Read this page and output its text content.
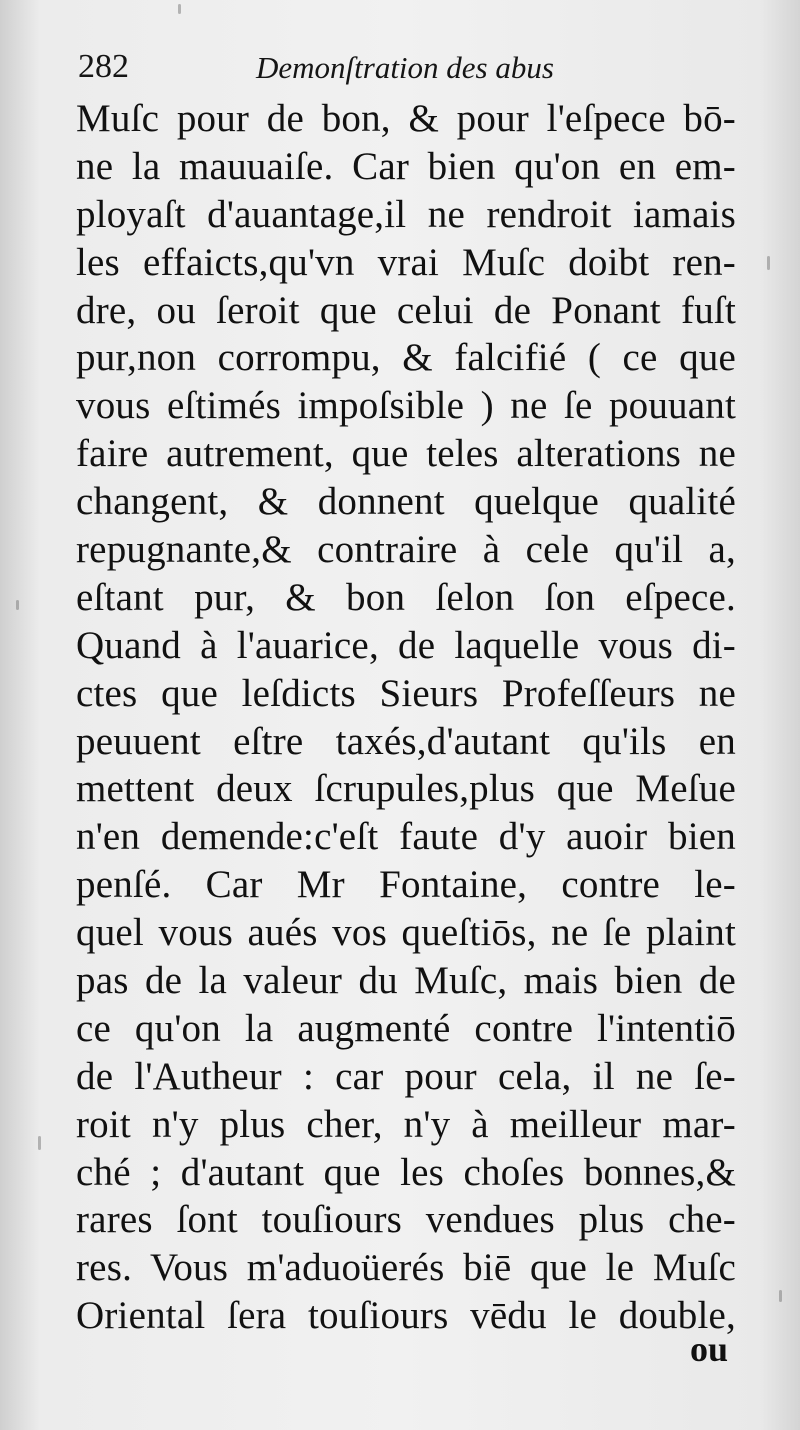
282	Demonſtration des abus
Muſc pour de bon, & pour l'eſpece bō-
ne la mauuaiſe. Car bien qu'on en em-
ployaſt d'auantage,il ne rendroit iamais
les effaicts,qu'vn vrai Muſc doibt ren-
dre, ou ſeroit que celui de Ponant fuſt
pur,non corrompu, & falcifié ( ce que
vous eſtimés impoſsible ) ne ſe pouuant
faire autrement, que teles alterations ne
changent, & donnent quelque qualité
repugnante,& contraire à cele qu'il a,
eſtant pur, & bon ſelon ſon eſpece.
Quand à l'auarice, de laquelle vous di-
ctes que leſdicts Sieurs Profeſſeurs ne
peuuent eſtre taxés,d'autant qu'ils en
mettent deux ſcrupules,plus que Meſue
n'en demende:c'eſt faute d'y auoir bien
penſé. Car Mr Fontaine, contre le-
quel vous aués vos queſtiōs, ne ſe plaint
pas de la valeur du Muſc, mais bien de
ce qu'on la augmenté contre l'intentiō
de l'Autheur : car pour cela, il ne ſe-
roit n'y plus cher, n'y à meilleur mar-
ché ; d'autant que les choſes bonnes,&
rares ſont touſiours vendues plus che-
res. Vous m'aduoüerés biē que le Muſc
Oriental ſera touſiours vēdu le double,
ou
